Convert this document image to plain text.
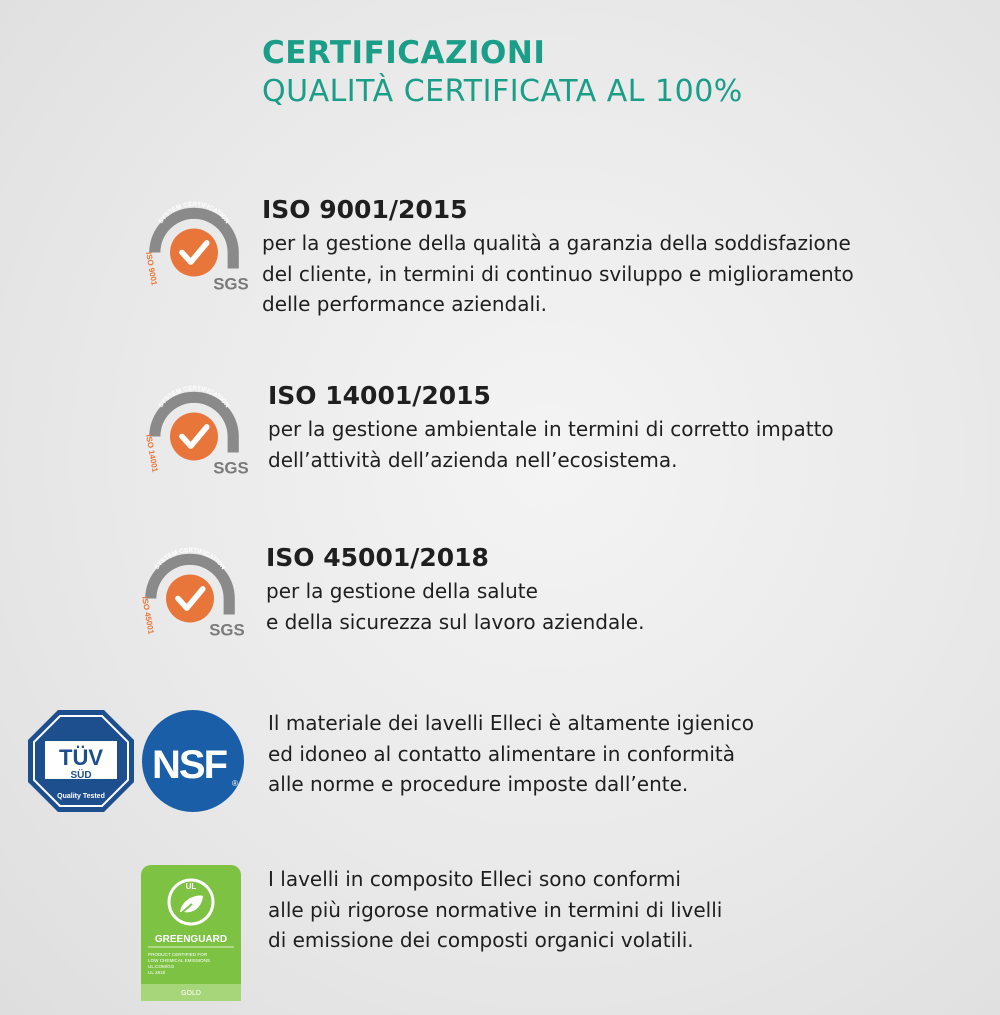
CERTIFICAZIONI
QUALITÀ CERTIFICATA AL 100%
SYSTEM CERTIFICATION
ISO 9001	SGS
ISO 9001/2015
per la gestione della qualità a garanzia della soddisfazione
del cliente, in termini di continuo sviluppo e miglioramento
delle performance aziendali.
SYSTEM CERTIFICATION
ISO 14001	SGS
ISO 14001/2015
per la gestione ambientale in termini di corretto impatto
dell’attività dell’azienda nell’ecosistema.
SYSTEM CERTIFICATION
ISO 45001	SGS
ISO 45001/2018
per la gestione della salute
e della sicurezza sul lavoro aziendale.
TÜV
SÜD
Quality Tested
NSF ®
Il materiale dei lavelli Elleci è altamente igienico
ed idoneo al contatto alimentare in conformità
alle norme e procedure imposte dall’ente.
UL
GREENGUARD
PRODUCT CERTIFIED FOR
LOW CHEMICAL EMISSIONS
UL.COM/GG
UL 2818
GOLD
I lavelli in composito Elleci sono conformi
alle più rigorose normative in termini di livelli
di emissione dei composti organici volatili.
